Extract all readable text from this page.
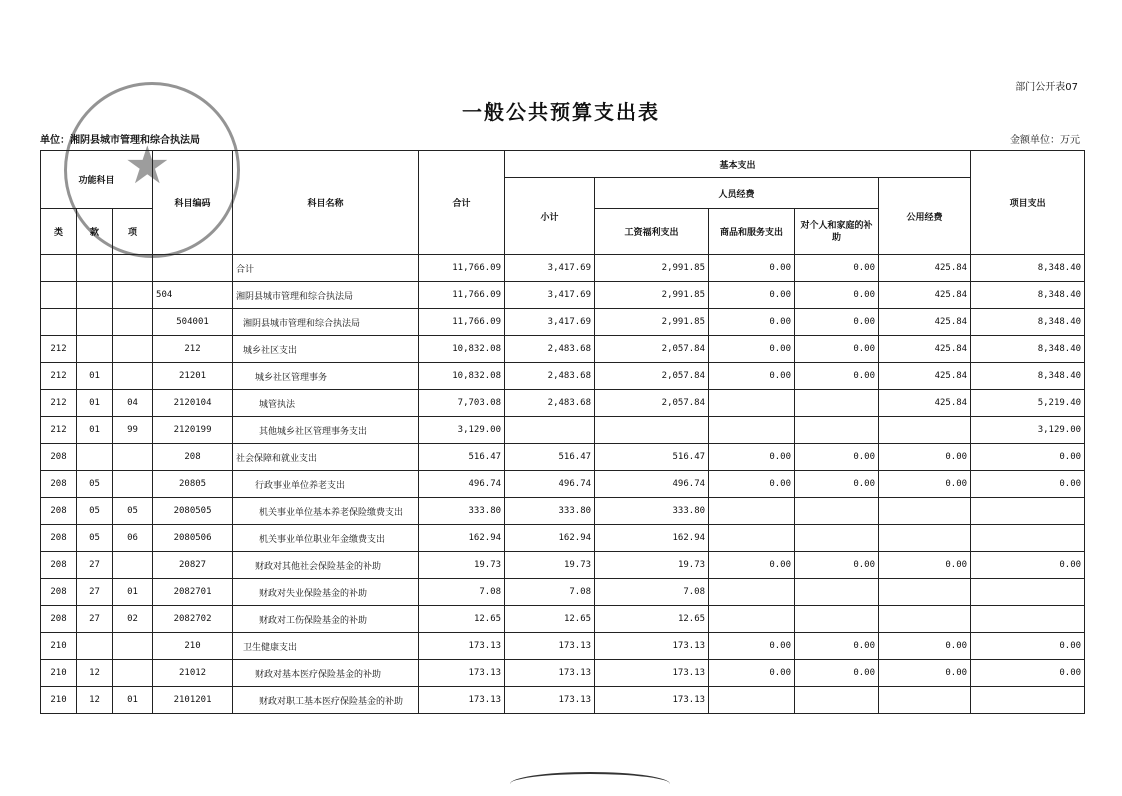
★
部门公开表07
一般公共预算支出表
单位：湘阴县城市管理和综合执法局	金额单位：万元
功能科目			科目编码	科目名称	合计	基本支出					项目支出
						小计	人员经费			公用经费	
类	款	项					工资福利支出	商品和服务支出	对个人和家庭的补助		
				合计	11,766.09	3,417.69	2,991.85	0.00	0.00	425.84	8,348.40
			504	湘阴县城市管理和综合执法局	11,766.09	3,417.69	2,991.85	0.00	0.00	425.84	8,348.40
			504001	湘阴县城市管理和综合执法局	11,766.09	3,417.69	2,991.85	0.00	0.00	425.84	8,348.40
212			212	城乡社区支出	10,832.08	2,483.68	2,057.84	0.00	0.00	425.84	8,348.40
212	01		21201	城乡社区管理事务	10,832.08	2,483.68	2,057.84	0.00	0.00	425.84	8,348.40
212	01	04	2120104	城管执法	7,703.08	2,483.68	2,057.84			425.84	5,219.40
212	01	99	2120199	其他城乡社区管理事务支出	3,129.00						3,129.00
208			208	社会保障和就业支出	516.47	516.47	516.47	0.00	0.00	0.00	0.00
208	05		20805	行政事业单位养老支出	496.74	496.74	496.74	0.00	0.00	0.00	0.00
208	05	05	2080505	机关事业单位基本养老保险缴费支出	333.80	333.80	333.80				
208	05	06	2080506	机关事业单位职业年金缴费支出	162.94	162.94	162.94				
208	27		20827	财政对其他社会保险基金的补助	19.73	19.73	19.73	0.00	0.00	0.00	0.00
208	27	01	2082701	财政对失业保险基金的补助	7.08	7.08	7.08				
208	27	02	2082702	财政对工伤保险基金的补助	12.65	12.65	12.65				
210			210	卫生健康支出	173.13	173.13	173.13	0.00	0.00	0.00	0.00
210	12		21012	财政对基本医疗保险基金的补助	173.13	173.13	173.13	0.00	0.00	0.00	0.00
210	12	01	2101201	财政对职工基本医疗保险基金的补助	173.13	173.13	173.13				
